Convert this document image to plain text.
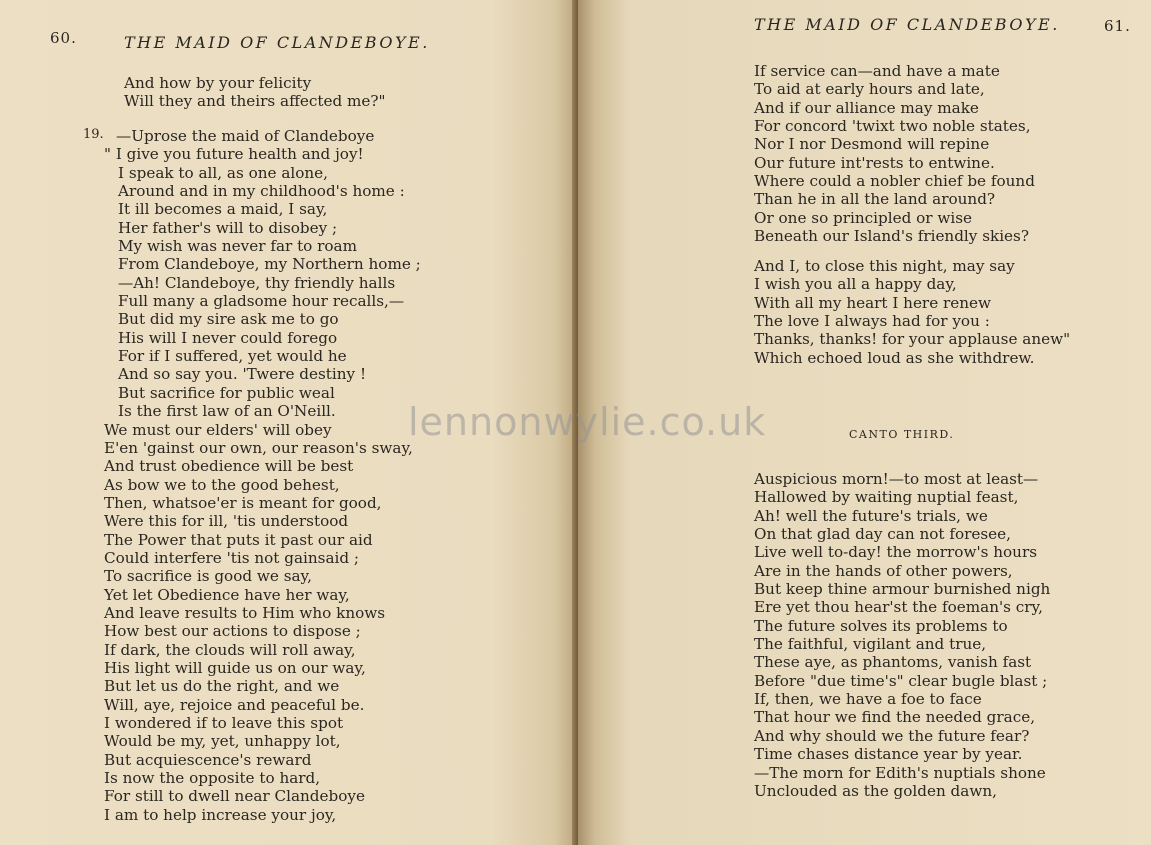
60.	THE MAID OF CLANDEBOYE.
And how by your felicity
Will they and theirs affected me?"
19. —Uprose the maid of Clandeboye
" I give you future health and joy!
I speak to all, as one alone,
Around and in my childhood's home :
It ill becomes a maid, I say,
Her father's will to disobey ;
My wish was never far to roam
From Clandeboye, my Northern home ;
—Ah! Clandeboye, thy friendly halls
Full many a gladsome hour recalls,—
But did my sire ask me to go
His will I never could forego
For if I suffered, yet would he
And so say you. 'Twere destiny !
But sacrifice for public weal
Is the first law of an O'Neill.
We must our elders' will obey
E'en 'gainst our own, our reason's sway,
And trust obedience will be best
As bow we to the good behest,
Then, whatsoe'er is meant for good,
Were this for ill, 'tis understood
The Power that puts it past our aid
Could interfere 'tis not gainsaid ;
To sacrifice is good we say,
Yet let Obedience have her way,
And leave results to Him who knows
How best our actions to dispose ;
If dark, the clouds will roll away,
His light will guide us on our way,
But let us do the right, and we
Will, aye, rejoice and peaceful be.
I wondered if to leave this spot
Would be my, yet, unhappy lot,
But acquiescence's reward
Is now the opposite to hard,
For still to dwell near Clandeboye
I am to help increase your joy,
THE MAID OF CLANDEBOYE.	61.
If service can—and have a mate
To aid at early hours and late,
And if our alliance may make
For concord 'twixt two noble states,
Nor I nor Desmond will repine
Our future int'rests to entwine.
Where could a nobler chief be found
Than he in all the land around?
Or one so principled or wise
Beneath our Island's friendly skies?
And I, to close this night, may say
I wish you all a happy day,
With all my heart I here renew
The love I always had for you :
Thanks, thanks! for your applause anew"
Which echoed loud as she withdrew.
CANTO THIRD.
Auspicious morn!—to most at least—
Hallowed by waiting nuptial feast,
Ah! well the future's trials, we
On that glad day can not foresee,
Live well to-day! the morrow's hours
Are in the hands of other powers,
But keep thine armour burnished nigh
Ere yet thou hear'st the foeman's cry,
The future solves its problems to
The faithful, vigilant and true,
These aye, as phantoms, vanish fast
Before "due time's" clear bugle blast ;
If, then, we have a foe to face
That hour we find the needed grace,
And why should we the future fear?
Time chases distance year by year.
—The morn for Edith's nuptials shone
Unclouded as the golden dawn,
lennonwylie.co.uk
